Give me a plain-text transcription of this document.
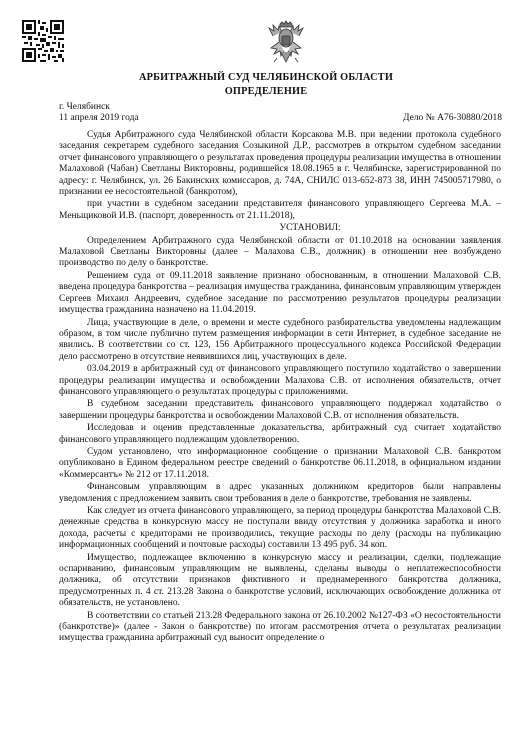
АРБИТРАЖНЫЙ СУД ЧЕЛЯБИНСКОЙ ОБЛАСТИ
ОПРЕДЕЛЕНИЕ
г. Челябинск
11 апреля 2019 года	Дело № А76-30880/2018

Судья Арбитражного суда Челябинской области Корсакова М.В. при ведении протокола судебного заседания секретарем судебного заседания Созыкиной Д.Р., рассмотрев в открытом судебном заседании отчет финансового управляющего о результатах проведения процедуры реализации имущества в отношении Малаховой (Чабан) Светланы Викторовны, родившейся 18.08.1965 в г. Челябинске, зарегистрированной по адресу: г. Челябинск, ул. 26 Бакинских комиссаров, д. 74А, СНИЛС 013-652-873 38, ИНН 745005717980, о признании ее несостоятельной (банкротом),

при участии в судебном заседании представителя финансового управляющего Сергеева М.А. – Меньщиковой И.В. (паспорт, доверенность от 21.11.2018),

УСТАНОВИЛ:

Определением Арбитражного суда Челябинской области от 01.10.2018 на основании заявления Малаховой Светланы Викторовны (далее – Малахова С.В., должник) в отношении нее возбуждено производство по делу о банкротстве.

Решением суда от 09.11.2018 заявление признано обоснованным, в отношении Малаховой С.В. введена процедура банкротства – реализация имущества гражданина, финансовым управляющим утвержден Сергеев Михаил Андреевич, судебное заседание по рассмотрению результатов процедуры реализации имущества гражданина назначено на 11.04.2019.

Лица, участвующие в деле, о времени и месте судебного разбирательства уведомлены надлежащим образом, в том числе публично путем размещения информации в сети Интернет, в судебное заседание не явились. В соответствии со ст. 123, 156 Арбитражного процессуального кодекса Российской Федерации дело рассмотрено в отсутствие неявившихся лиц, участвующих в деле.

03.04.2019 в арбитражный суд от финансового управляющего поступило ходатайство о завершении процедуры реализации имущества и освобождении Малахова С.В. от исполнения обязательств, отчет финансового управляющего о результатах процедуры с приложениями.

В судебном заседании представитель финансового управляющего поддержал ходатайство о завершении процедуры банкротства и освобождении Малаховой С.В. от исполнения обязательств.

Исследовав и оценив представленные доказательства, арбитражный суд считает ходатайство финансового управляющего подлежащим удовлетворению.

Судом установлено, что информационное сообщение о признании Малаховой С.В. банкротом опубликовано в Едином федеральном реестре сведений о банкротстве 06.11.2018, в официальном издании «Коммерсантъ» № 212 от 17.11.2018.

Финансовым управляющим в адрес указанных должником кредиторов были направлены уведомления с предложением заявить свои требования в деле о банкротстве, требования не заявлены.

Как следует из отчета финансового управляющего, за период процедуры банкротства Малаховой С.В. денежные средства в конкурсную массу не поступали ввиду отсутствия у должника заработка и иного дохода, расчеты с кредиторами не производились, текущие расходы по делу (расходы на публикацию информационных сообщений и почтовые расходы) составили 13 495 руб. 34 коп.

Имущество, подлежащее включению в конкурсную массу и реализации, сделки, подлежащие оспариванию, финансовым управляющим не выявлены, сделаны выводы о неплатежеспособности должника, об отсутствии признаков фиктивного и преднамеренного банкротства должника, предусмотренных п. 4 ст. 213.28 Закона о банкротстве условий, исключающих освобождение должника от обязательств, не установлено.

В соответствии со статьей 213.28 Федерального закона от 26.10.2002 №127-ФЗ «О несостоятельности (банкротстве)» (далее - Закон о банкротстве) по итогам рассмотрения отчета о результатах реализации имущества гражданина арбитражный суд выносит определение о
